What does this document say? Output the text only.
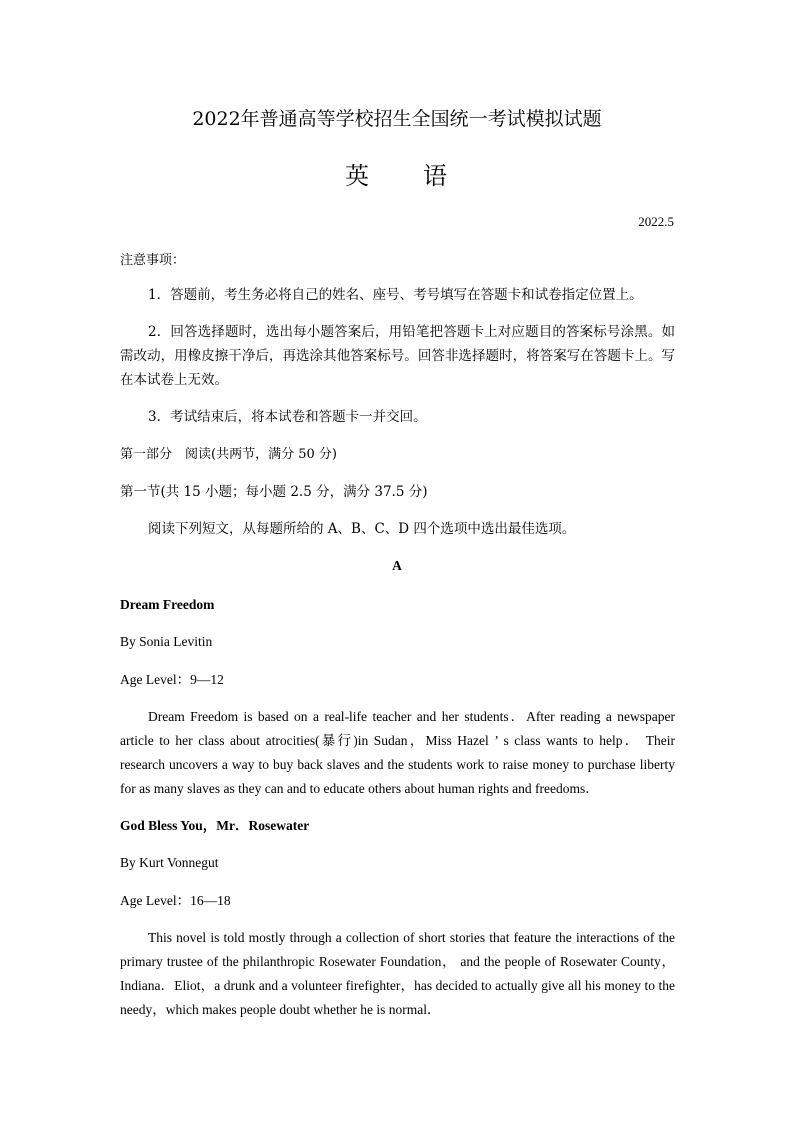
2022年普通高等学校招生全国统一考试模拟试题
英 语
2022.5
注意事项：
1．答题前，考生务必将自己的姓名、座号、考号填写在答题卡和试卷指定位置上。
2．回答选择题时，选出每小题答案后，用铅笔把答题卡上对应题目的答案标号涂黑。如需改动，用橡皮擦干净后，再选涂其他答案标号。回答非选择题时，将答案写在答题卡上。写在本试卷上无效。
3．考试结束后，将本试卷和答题卡一并交回。
第一部分　阅读(共两节，满分 50 分)
第一节(共 15 小题；每小题 2.5 分，满分 37.5 分)
阅读下列短文，从每题所给的 A、B、C、D 四个选项中选出最佳选项。
A
Dream Freedom
By Sonia Levitin
Age Level：9—12
Dream Freedom is based on a real-life teacher and her students．After reading a newspaper article to her class about atrocities(暴行)in Sudan，Miss Hazel ’ s class wants to help． Their research uncovers a way to buy back slaves and the students work to raise money to purchase liberty for as many slaves as they can and to educate others about human rights and freedoms．
God Bless You，Mr．Rosewater
By Kurt Vonnegut
Age Level：16—18
This novel is told mostly through a collection of short stories that feature the interactions of the primary trustee of the philanthropic Rosewater Foundation， and the people of Rosewater County，Indiana．Eliot，a drunk and a volunteer firefighter，has decided to actually give all his money to the needy，which makes people doubt whether he is normal．
